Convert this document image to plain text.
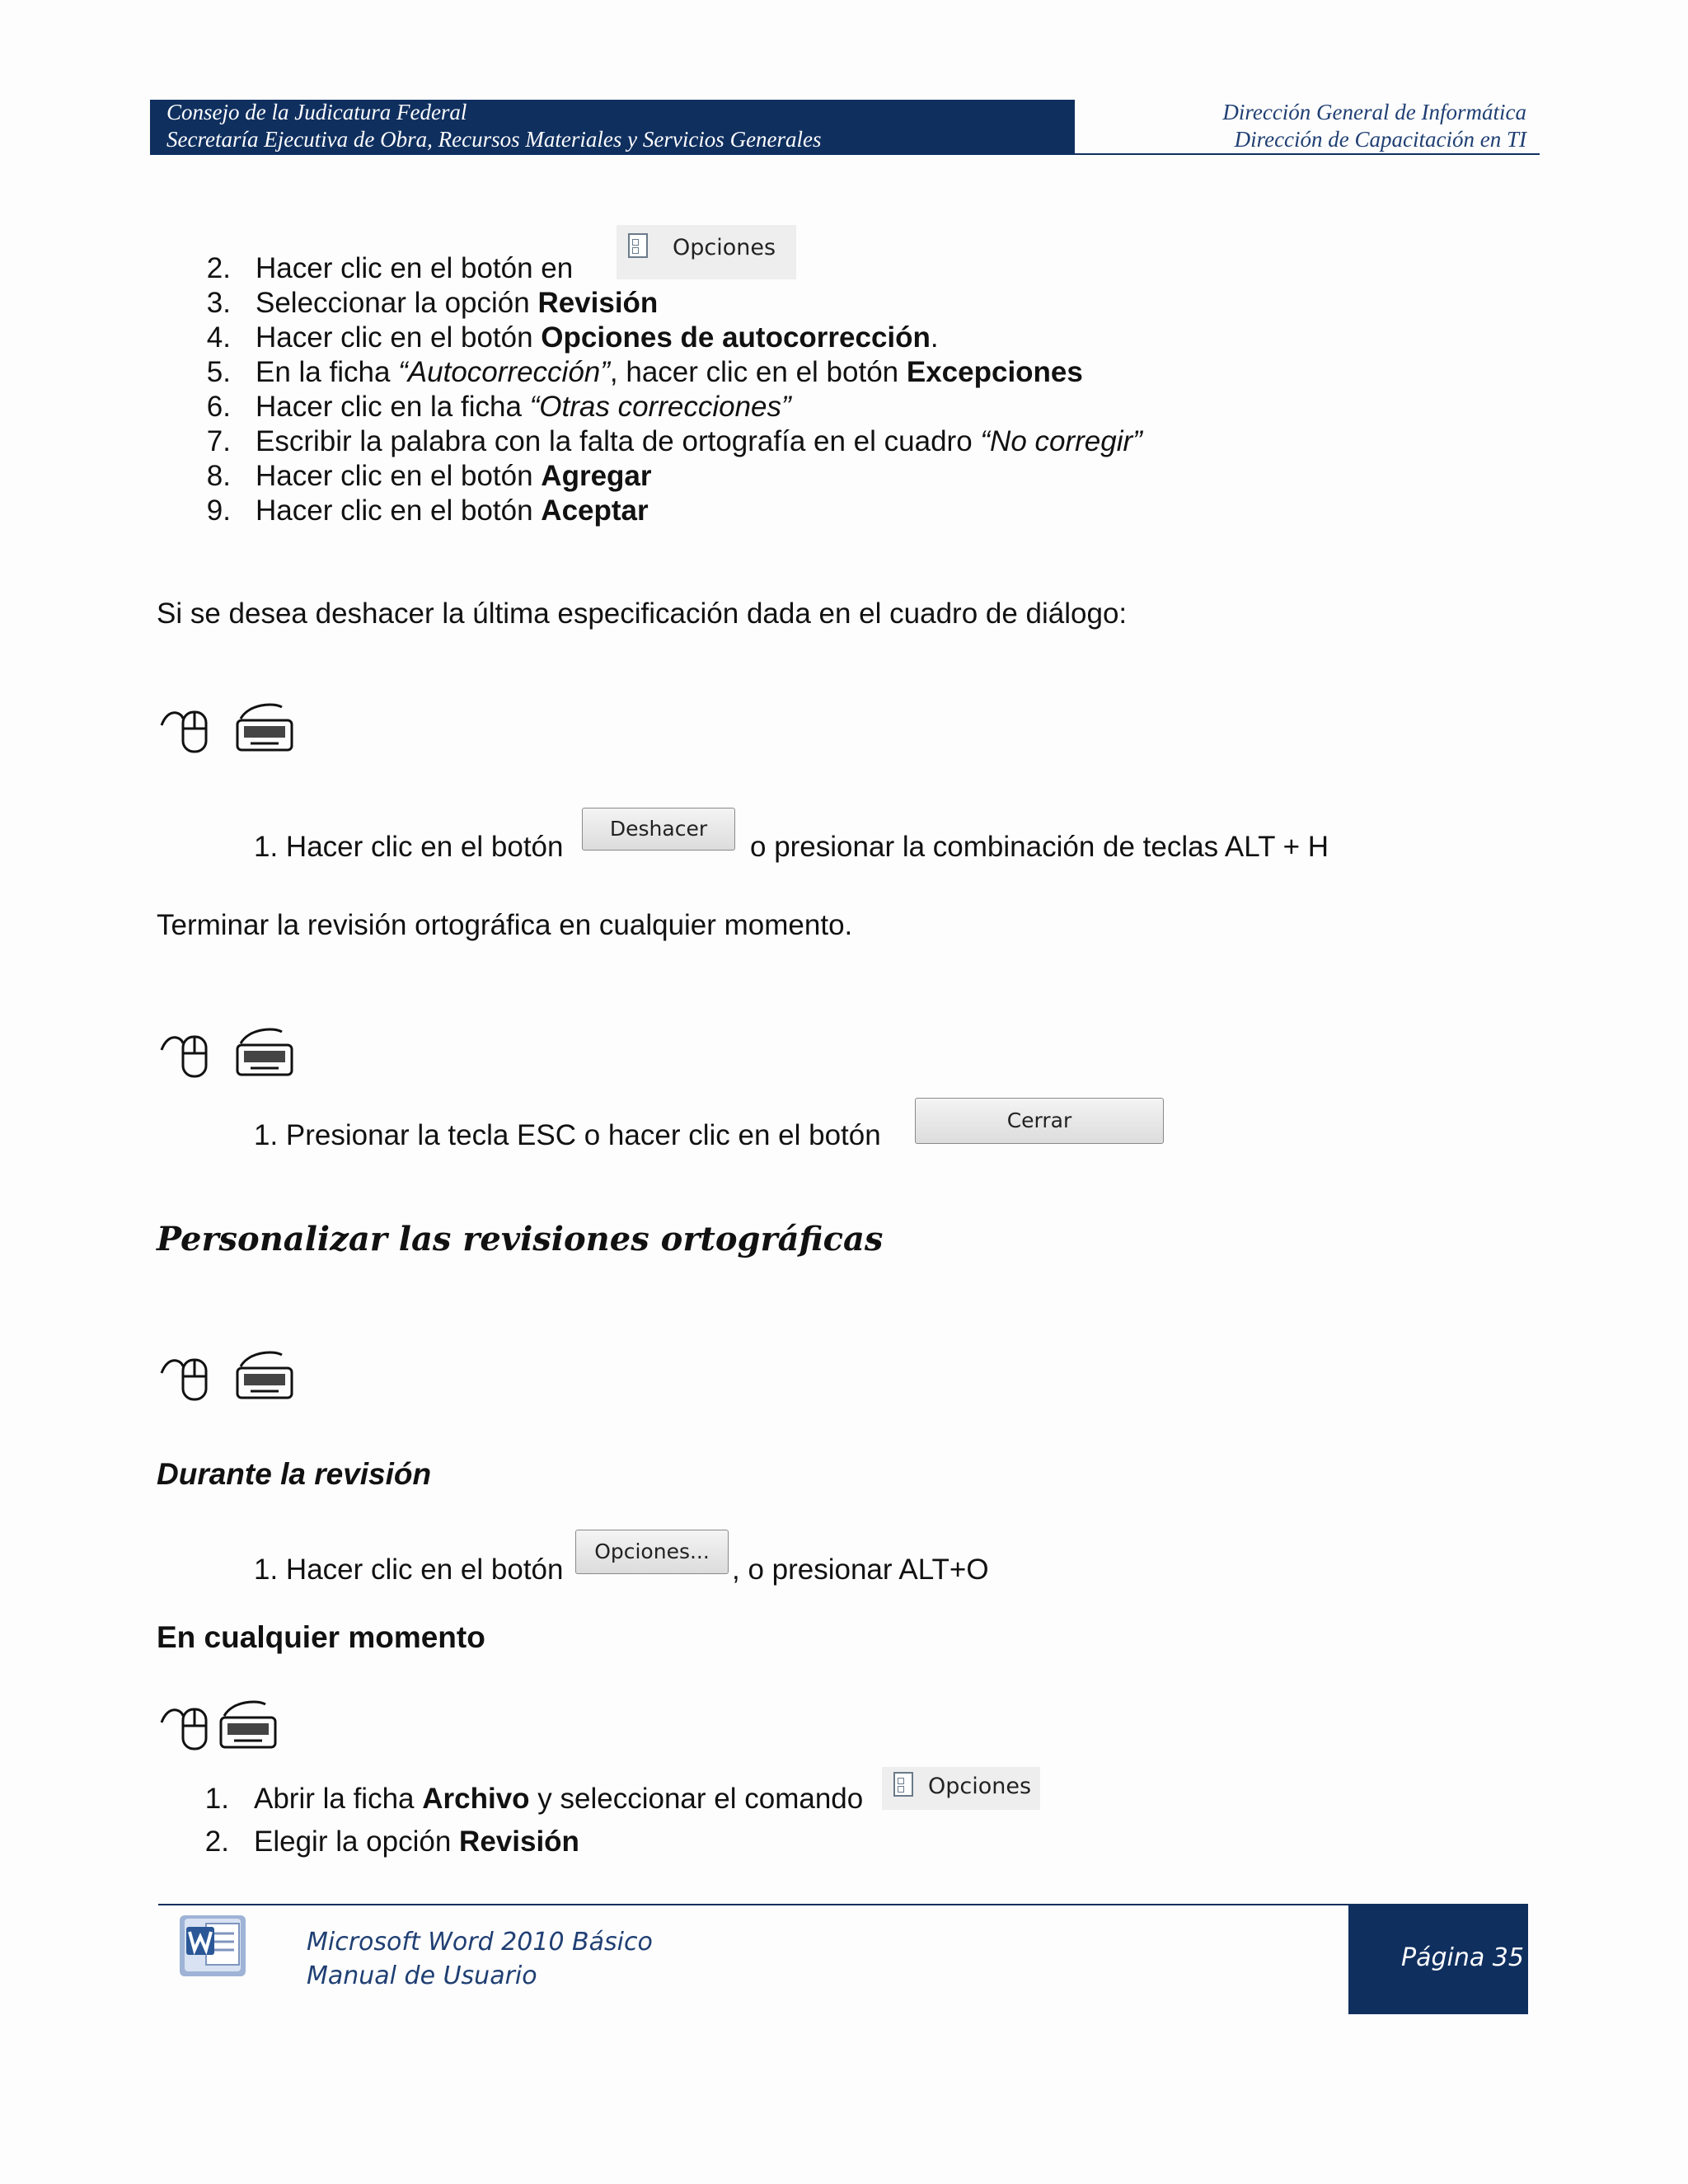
Consejo de la Judicatura Federal
Secretaría Ejecutiva de Obra, Recursos Materiales y Servicios Generales
Dirección General de Informática
Dirección de Capacitación en TI
2. Hacer clic en el botón en
Opciones
3. Seleccionar la opción Revisión
4. Hacer clic en el botón Opciones de autocorrección.
5. En la ficha “Autocorrección”, hacer clic en el botón Excepciones
6. Hacer clic en la ficha “Otras correcciones”
7. Escribir la palabra con la falta de ortografía en el cuadro “No corregir”
8. Hacer clic en el botón Agregar
9. Hacer clic en el botón Aceptar
Si se desea deshacer la última especificación dada en el cuadro de diálogo:
1. Hacer clic en el botón
Deshacer
o presionar la combinación de teclas ALT + H
Terminar la revisión ortográfica en cualquier momento.
1. Presionar la tecla ESC o hacer clic en el botón	Cerrar
Personalizar las revisiones ortográficas
Durante la revisión
1. Hacer clic en el botón
Opciones...
, o presionar ALT+O
En cualquier momento
1. Abrir la ficha Archivo y seleccionar el comando	Opciones
2. Elegir la opción Revisión
Microsoft Word 2010 Básico
Manual de Usuario
Página 35
